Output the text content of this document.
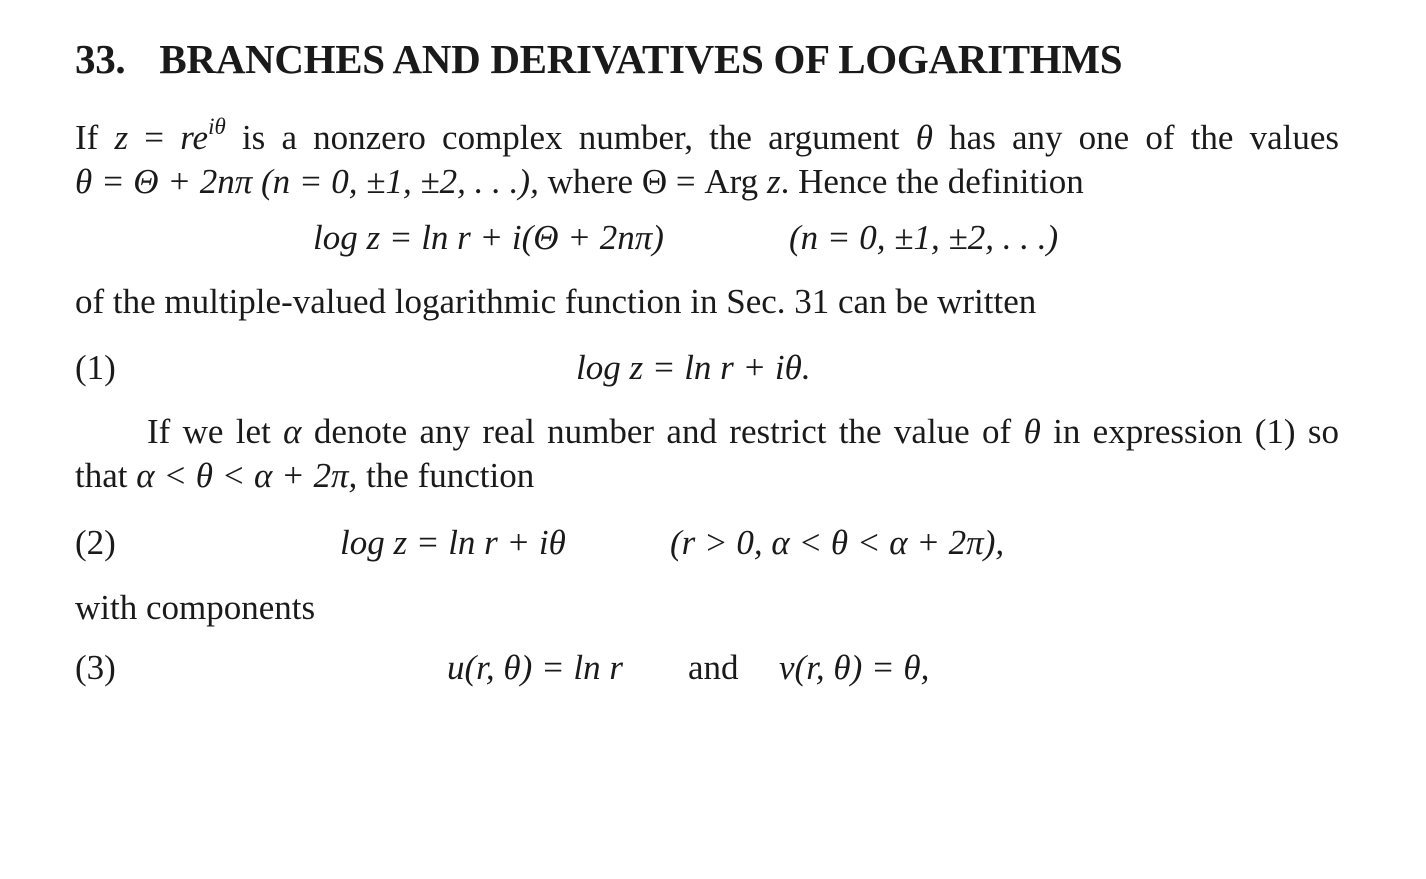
33. BRANCHES AND DERIVATIVES OF LOGARITHMS
If $z = re^{i\theta}$ is a nonzero complex number, the argument θ has any one of the values
θ = Θ + 2nπ (n = 0, ±1, ±2, . . .), where Θ = Arg z. Hence the definition
log z = ln r + i(Θ + 2nπ)	(n = 0, ±1, ±2, . . .)
of the multiple-valued logarithmic function in Sec. 31 can be written
(1)	log z = ln r + iθ.
If we let α denote any real number and restrict the value of θ in expression (1) so
that α < θ < α + 2π, the function
(2)	log z = ln r + iθ	(r > 0, α < θ < α + 2π),
with components
(3)	u(r, θ) = ln r and v(r, θ) = θ,
